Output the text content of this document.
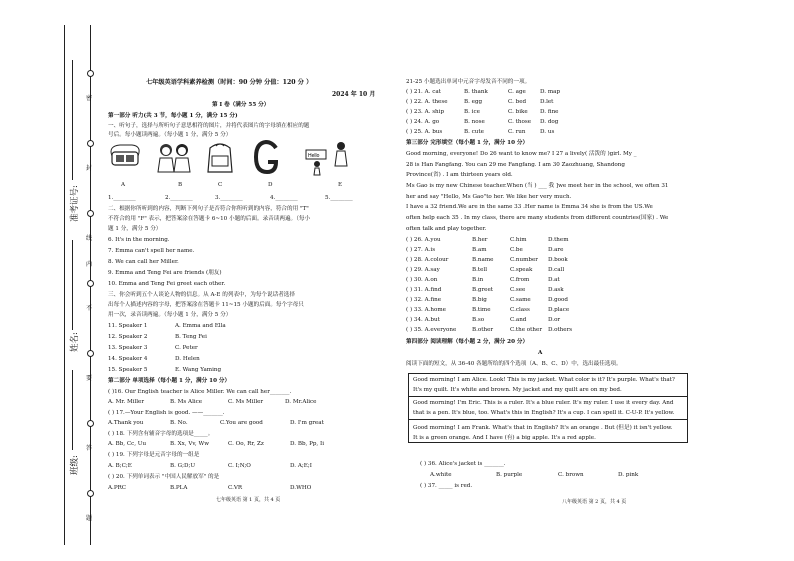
密
封
线
内
不
要
答
题
准考证号:
姓名:
班级:
七年级英语学科素养检测（时间：90 分钟 分值：120 分 ）
2024 年 10 月
第 I 卷（满分 55 分）
第一部分 听力(共 3 节，每小题 1 分，满分 15 分)
一、听句子，选择与所听句子意思相符的图片，并将代表图片的字母填在相应的题
号后。每小题读两遍。（每小题 1 分，满分 5 分）
Hello
A	B	C	D	E
1.________	2.________	3.________	4.________	5.________
二、根据你所听到的内容，判断下列句子是否符合你所听到的内容，符合的用 "T"
不符合的用 "F" 表示，把答案涂在答题卡 6~10 小题的后面。录音读两遍。（每小
题 1 分，满分 5 分）
6. It's in the morning.
7. Emma can't spell her name.
8. We can call her Miller.
9. Emma and Teng Fei are friends (朋友)
10. Emma and Teng Fei greet each other.
三、你会听到五个人谈论人物的信息。从 A-E 的列表中，为每个说话者选择
出每个人描述内容的字母，把答案涂在答题卡 11~15 小题的后面。每个字母只
用一次，录音读两遍。（每小题 1 分，满分 5 分）
11. Speaker 1	A. Emma and Ella
12. Speaker 2	B. Teng Fei
13. Speaker 3	C. Peter
14. Speaker 4	D. Helen
15. Speaker 5	E. Wang Yaming
第二部分 单项选择（每小题 1 分，满分 10 分）
( )16. Our English teacher is Alice Miller. We can call her_______.
A. Mr. Miller	B. Ms Alice	C. Ms Miller	D. Mr.Alice
( ) 17.—Your English is good. ——_______.
A.Thank you	B. No.	C.You are good	D. I'm great
( ) 18. 下列含有辅音字母的选项是_____。
A. Bb, Cc, Uu	B. Xx, Vv, Ww	C. Oo, Rr, Zz	D. Bb, Pp, Ii
( ) 19. 下列字母是元音字母的一组是
A. B;C;E	B. G;D;U	C. I;N;O	D. A;E;I
( ) 20. 下列单词表示 "中国人民解放军" 的是
A.PRC	B.PLA	C.VR	D.WHO
七年级英语 第 1 页，共 4 页
21-25 小题选出单词中元音字母发音不同的一项。
( ) 21. A. cat	B. thank	C. age	D. map
( ) 22. A. these	B. egg	C. bed D.let
( ) 23. A. ship	B. ice	C. bike D. fine
( ) 24. A. go	B. nose	C. those D. dog
( ) 25. A. bus	B. cute	C. run	D. us
第三部分 完形填空（每小题 1 分，满分 10 分）
Good morning, everyone! Do 26 want to know me? I 27 a lively( 活泼的 )girl. My _
28 is Han Fangfang. You can 29 me Fangfang. I am 30 Zaozhuang, Shandong
Province(省) . I am thirteen years old.
Ms Gao is my new Chinese teacher.When (当 ) ___ 我 ]we meet her in the school, we often 31
her and say "Hello, Ms Gao"to her. We like her very much.
I have a 32 friend.We are in the same 33 .Her name is Emma 34 she is from the US.We
often help each 35 . In my class, there are many students from different countries(国家) . We
often talk and play together.
( ) 26. A.you	B.her	C.him	D.them
( ) 27. A.is	B.am	C.be	D.are
( ) 28. A.colour	B.name	C.number D.book
( ) 29. A.say	B.tell	C.speak	D.call
( ) 30. A.on	B.in	C.from	D.at
( ) 31. A.find	B.greet	C.see	D.ask
( ) 32. A.fine	B.big	C.same	D.good
( ) 33. A.home	B.time	C.class	D.place
( ) 34. A.but	B.so	C.and	D.or
( ) 35. A.everyone	B.other	C.the other D.others
第四部分 阅读理解（每小题 2 分，满分 20 分）
A
阅读下面的短文，从 36-40 各题所给的四个选项（A、B、C、D）中，选出最佳选项。
Good morning! I am Alice. Look! This is my jacket. What color is it? It's purple. What's that?
It's my quilt. It's white and brown. My jacket and my quilt are on my bed.
Good morning! I'm Eric. This is a ruler. It's a blue ruler. It's my ruler. I use it every day. And
that is a pen. It's blue, too. What's this in English? It's a cup. I can spell it. C-U-P. It's yellow.
Good morning! I am Frank. What's that in English? It's an orange . But (但是) it isn't yellow.
It is a green orange. And I have (有) a big apple. It's a red apple.
( ) 36. Alice's jacket is _______.
A.white	B. purple	C. brown	D. pink
( ) 37. _____ is red.
八年级英语 第 2 页，共 4 页
